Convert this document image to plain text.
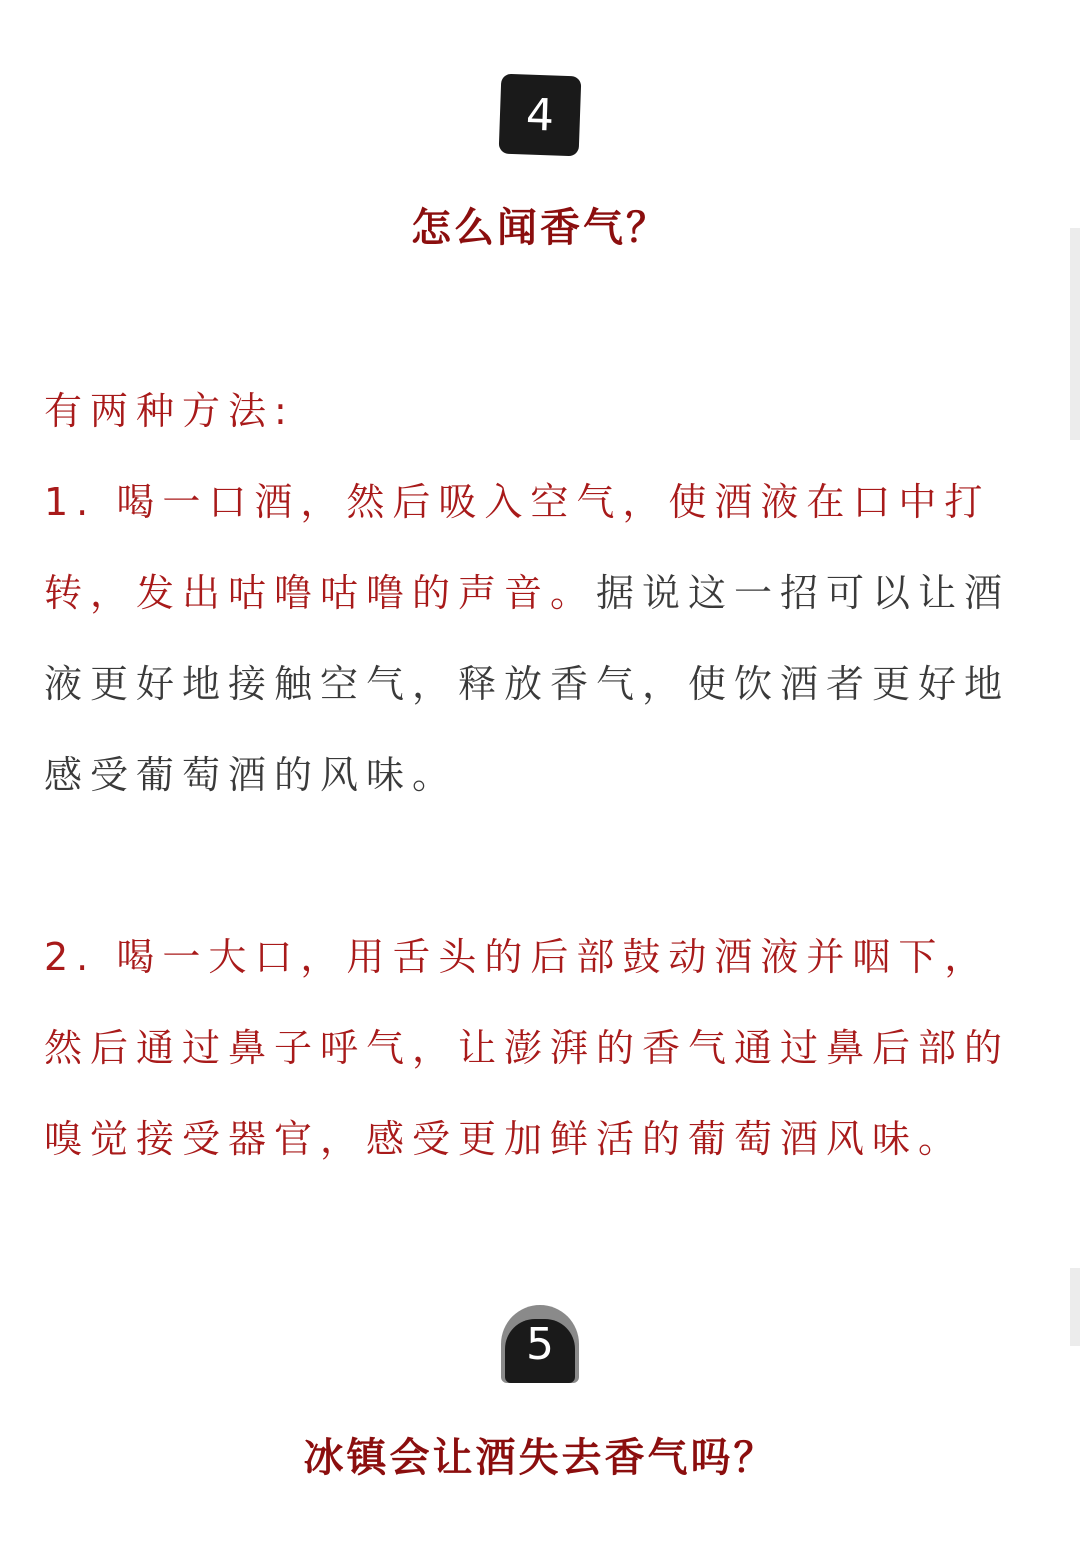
4
怎么闻香气？

有两种方法:

1. 喝一口酒，然后吸入空气，使酒液在口中打转，发出咕噜咕噜的声音。据说这一招可以让酒液更好地接触空气，释放香气，使饮酒者更好地感受葡萄酒的风味。

2. 喝一大口，用舌头的后部鼓动酒液并咽下，然后通过鼻子呼气，让澎湃的香气通过鼻后部的嗅觉接受器官，感受更加鲜活的葡萄酒风味。

5
冰镇会让酒失去香气吗？
